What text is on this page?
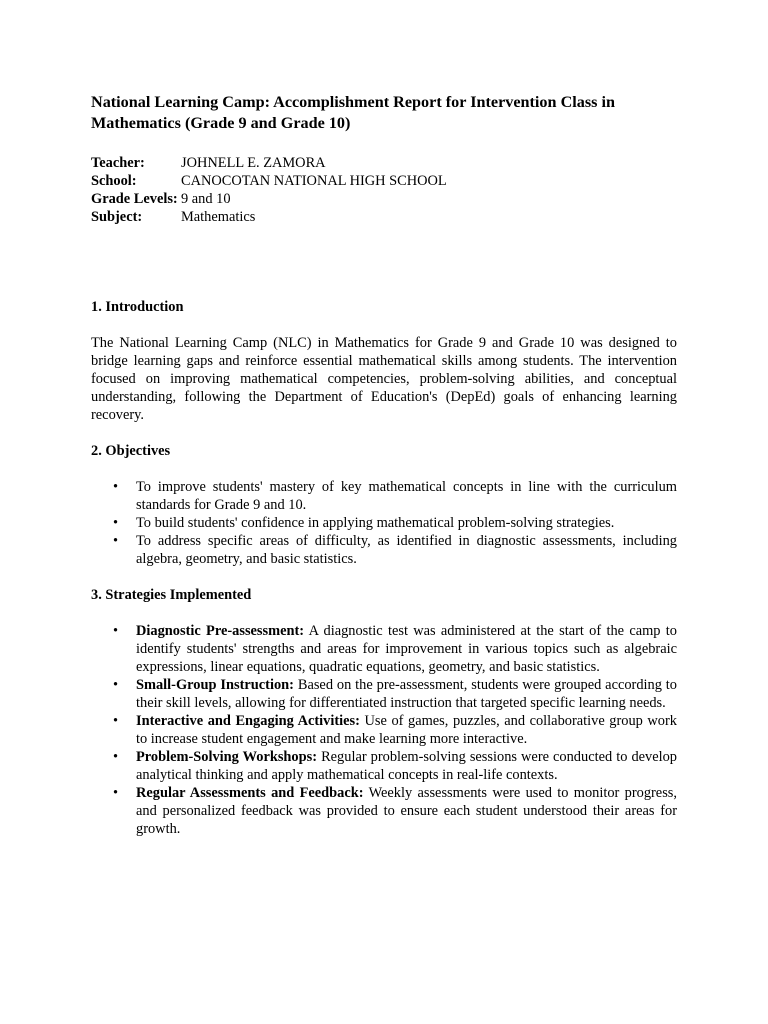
National Learning Camp: Accomplishment Report for Intervention Class in Mathematics (Grade 9 and Grade 10)
Teacher:	JOHNELL E. ZAMORA
School:	CANOCOTAN NATIONAL HIGH SCHOOL
Grade Levels: 9 and 10
Subject:	Mathematics
1. Introduction
The National Learning Camp (NLC) in Mathematics for Grade 9 and Grade 10 was designed to bridge learning gaps and reinforce essential mathematical skills among students. The intervention focused on improving mathematical competencies, problem-solving abilities, and conceptual understanding, following the Department of Education's (DepEd) goals of enhancing learning recovery.
2. Objectives
• To improve students' mastery of key mathematical concepts in line with the curriculum standards for Grade 9 and 10.
• To build students' confidence in applying mathematical problem-solving strategies.
• To address specific areas of difficulty, as identified in diagnostic assessments, including algebra, geometry, and basic statistics.
3. Strategies Implemented
• Diagnostic Pre-assessment: A diagnostic test was administered at the start of the camp to identify students' strengths and areas for improvement in various topics such as algebraic expressions, linear equations, quadratic equations, geometry, and basic statistics.
• Small-Group Instruction: Based on the pre-assessment, students were grouped according to their skill levels, allowing for differentiated instruction that targeted specific learning needs.
• Interactive and Engaging Activities: Use of games, puzzles, and collaborative group work to increase student engagement and make learning more interactive.
• Problem-Solving Workshops: Regular problem-solving sessions were conducted to develop analytical thinking and apply mathematical concepts in real-life contexts.
• Regular Assessments and Feedback: Weekly assessments were used to monitor progress, and personalized feedback was provided to ensure each student understood their areas for growth.
